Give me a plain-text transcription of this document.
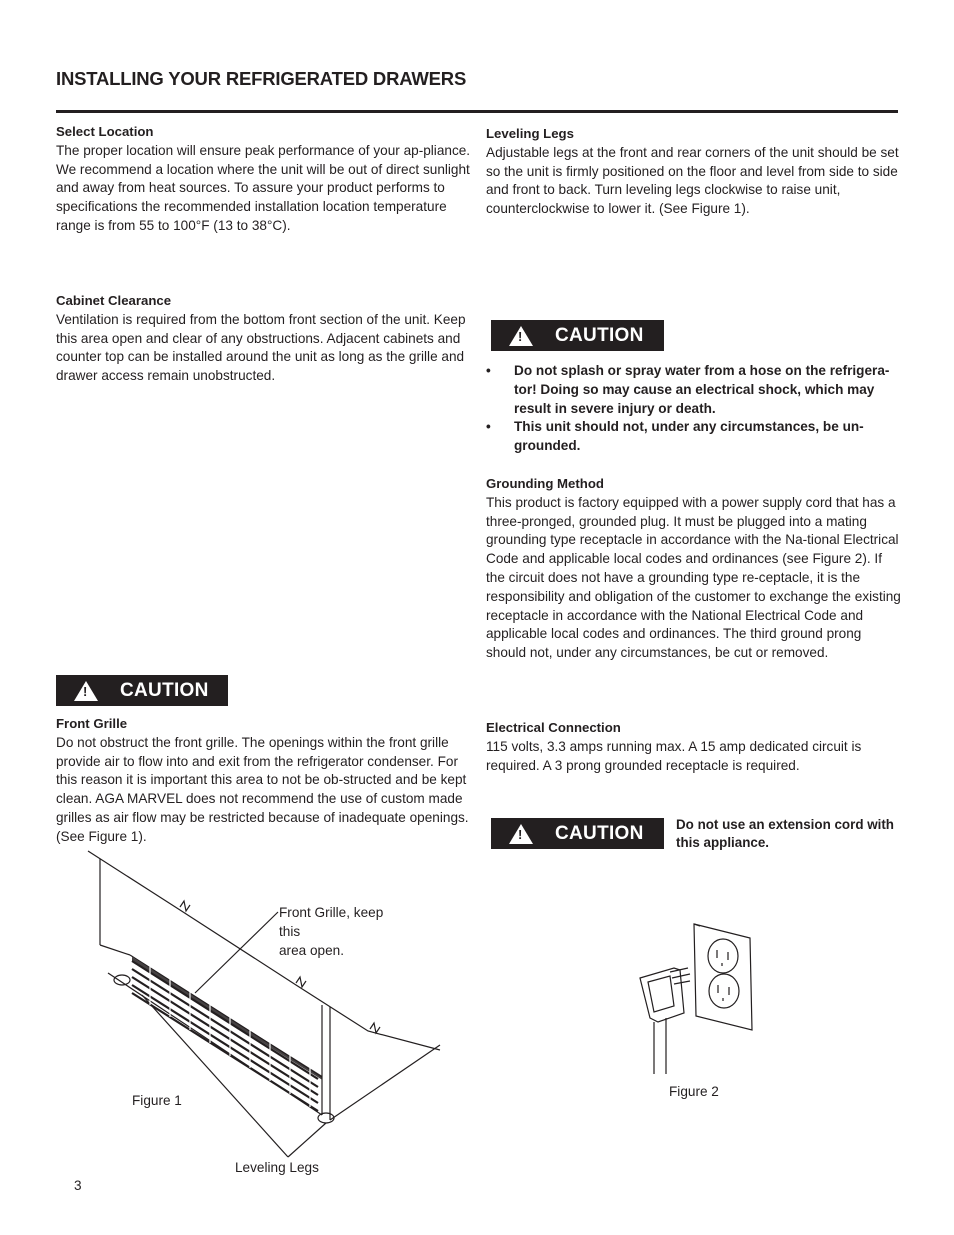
INSTALLING YOUR REFRIGERATED DRAWERS
Select Location

The proper location will ensure peak performance of your ap-pliance. We recommend a location where the unit will be out of direct sunlight and away from heat sources. To assure your product performs to specifications the recommended installation location temperature range is from 55 to 100°F (13 to 38°C).

Leveling Legs

Adjustable legs at the front and rear corners of the unit should be set so the unit is firmly positioned on the floor and level from side to side and front to back. Turn leveling legs clockwise to raise unit, counterclockwise to lower it. (See Figure 1).

Cabinet Clearance

Ventilation is required from the bottom front section of the unit. Keep this area open and clear of any obstructions. Adjacent cabinets and counter top can be installed around the unit as long as the grille and drawer access remain unobstructed.

! CAUTION
• Do not splash or spray water from a hose on the refrigera-tor! Doing so may cause an electrical shock, which may result in severe injury or death.
• This unit should not, under any circumstances, be un-grounded.
Grounding Method

This product is factory equipped with a power supply cord that has a three-pronged, grounded plug. It must be plugged into a mating grounding type receptacle in accordance with the Na-tional Electrical Code and applicable local codes and ordinances (see Figure 2). If the circuit does not have a grounding type re-ceptacle, it is the responsibility and obligation of the customer to exchange the existing receptacle in accordance with the National Electrical Code and applicable local codes and ordinances. The third ground prong should not, under any circumstances, be cut or removed.

! CAUTION
Front Grille

Do not obstruct the front grille. The openings within the front grille provide air to flow into and exit from the refrigerator condenser. For this reason it is important this area to not be ob-structed and be kept clean. AGA MARVEL does not recommend the use of custom made grilles as air flow may be restricted because of inadequate openings. (See Figure 1).

Electrical Connection

115 volts, 3.3 amps running max. A 15 amp dedicated circuit is required. A 3 prong grounded receptacle is required.

! CAUTION Do not use an extension cord with this appliance.
Front Grille, keep
this
area open.
Figure 1
Leveling Legs
Figure 2
3
